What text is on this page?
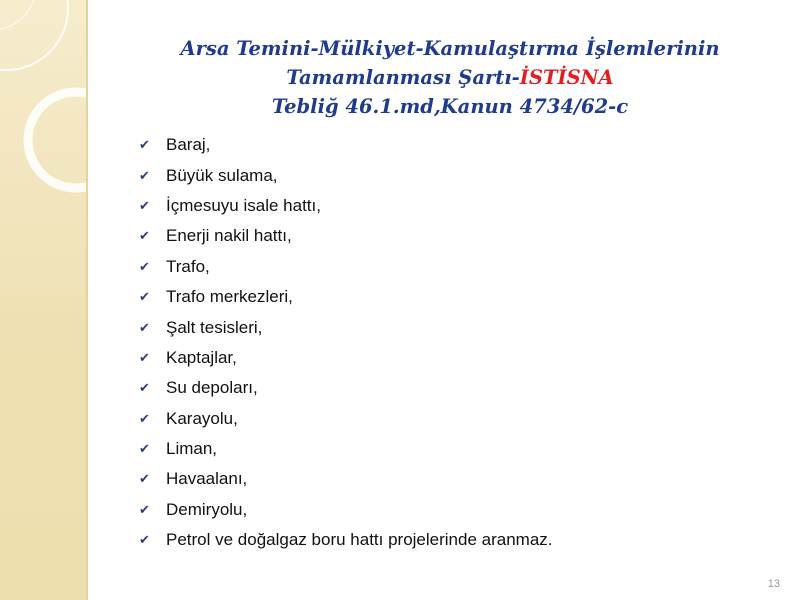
Arsa Temini-Mülkiyet-Kamulaştırma İşlemlerinin
Tamamlanması Şartı-İSTİSNA
Tebliğ 46.1.md,Kanun 4734/62-c
✔ Baraj,
✔ Büyük sulama,
✔ İçmesuyu isale hattı,
✔ Enerji nakil hattı,
✔ Trafo,
✔ Trafo merkezleri,
✔ Şalt tesisleri,
✔ Kaptajlar,
✔ Su depoları,
✔ Karayolu,
✔ Liman,
✔ Havaalanı,
✔ Demiryolu,
✔ Petrol ve doğalgaz boru hattı projelerinde aranmaz.
13
